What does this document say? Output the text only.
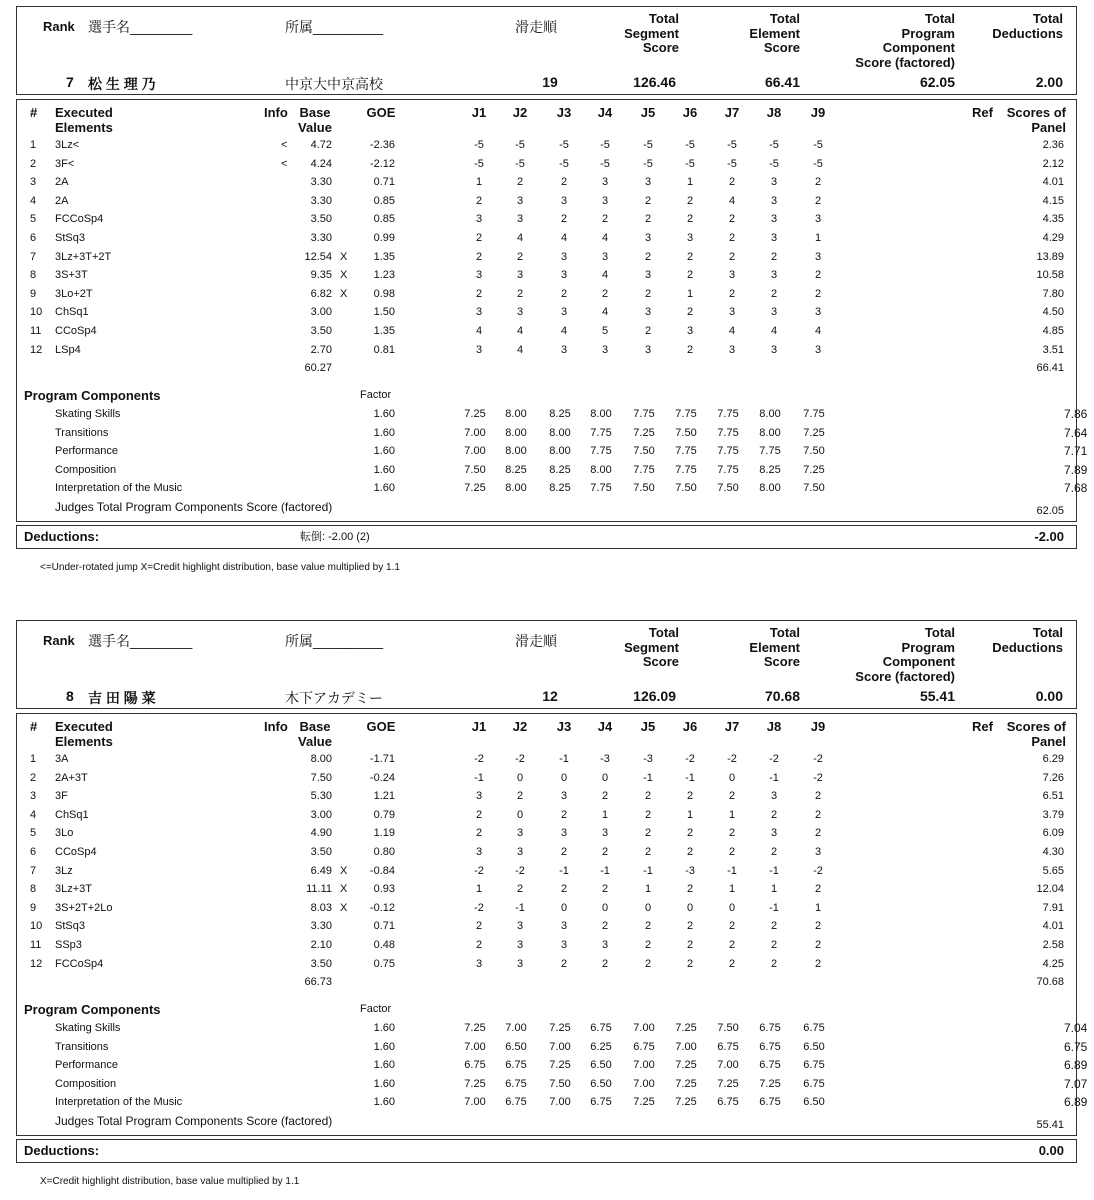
Rank 選手名________	所属_________	滑走順
Total
Segment
Score
Total
Element
Score
Total
Program
Component
Score (factored)
Total
Deductions
7 松 生 理 乃	中京大中京高校	19	126.46	66.41	62.05	2.00
# Executed
Elements
Info Base
Value
GOE	J1	J2	J3	J4	J5	J6	J7	J8	J9	Ref	Scores of
Panel
1 3Lz<	<	4.72	-2.36	-5	-5	-5	-5	-5	-5	-5	-5	-5	2.36
2 3F<	<	4.24	-2.12	-5	-5	-5	-5	-5	-5	-5	-5	-5	2.12
3 2A	3.30	0.71	1	2	2	3	3	1	2	3	2	4.01
4 2A	3.30	0.85	2	3	3	3	2	2	4	3	2	4.15
5 FCCoSp4	3.50	0.85	3	3	2	2	2	2	2	3	3	4.35
6 StSq3	3.30	0.99	2	4	4	4	3	3	2	3	1	4.29
7 3Lz+3T+2T	12.54 X	1.35	2	2	3	3	2	2	2	2	3	13.89
8 3S+3T	9.35 X	1.23	3	3	3	4	3	2	3	3	2	10.58
9 3Lo+2T	6.82 X	0.98	2	2	2	2	2	1	2	2	2	7.80
10 ChSq1	3.00	1.50	3	3	3	4	3	2	3	3	3	4.50
11 CCoSp4	3.50	1.35	4	4	4	5	2	3	4	4	4	4.85
12 LSp4	2.70	0.81	3	4	3	3	3	2	3	3	3	3.51
60.27	66.41
Program Components	Factor
Skating Skills	1.60	7.25	8.00	8.25	8.00	7.75	7.75	7.75	8.00	7.75	7.86
Transitions	1.60	7.00	8.00	8.00	7.75	7.25	7.50	7.75	8.00	7.25	7.64
Performance	1.60	7.00	8.00	8.00	7.75	7.50	7.75	7.75	7.75	7.50	7.71
Composition	1.60	7.50	8.25	8.25	8.00	7.75	7.75	7.75	8.25	7.25	7.89
Interpretation of the Music	1.60	7.25	8.00	8.25	7.75	7.50	7.50	7.50	8.00	7.50	7.68
Judges Total Program Components Score (factored)	62.05
Deductions:	転倒: -2.00 (2)	-2.00
<=Under-rotated jump X=Credit highlight distribution, base value multiplied by 1.1
Rank 選手名________	所属_________	滑走順
Total
Segment
Score
Total
Element
Score
Total
Program
Component
Score (factored)
Total
Deductions
8 吉 田 陽 菜	木下アカデミー	12	126.09	70.68	55.41	0.00
# Executed
Elements
Info Base
Value
GOE	J1	J2	J3	J4	J5	J6	J7	J8	J9	Ref	Scores of
Panel
1 3A	8.00	-1.71	-2	-2	-1	-3	-3	-2	-2	-2	-2	6.29
2 2A+3T	7.50	-0.24	-1	0	0	0	-1	-1	0	-1	-2	7.26
3 3F	5.30	1.21	3	2	3	2	2	2	2	3	2	6.51
4 ChSq1	3.00	0.79	2	0	2	1	2	1	1	2	2	3.79
5 3Lo	4.90	1.19	2	3	3	3	2	2	2	3	2	6.09
6 CCoSp4	3.50	0.80	3	3	2	2	2	2	2	2	3	4.30
7 3Lz	6.49 X	-0.84	-2	-2	-1	-1	-1	-3	-1	-1	-2	5.65
8 3Lz+3T	11.11 X	0.93	1	2	2	2	1	2	1	1	2	12.04
9 3S+2T+2Lo	8.03 X	-0.12	-2	-1	0	0	0	0	0	-1	1	7.91
10 StSq3	3.30	0.71	2	3	3	2	2	2	2	2	2	4.01
11 SSp3	2.10	0.48	2	3	3	3	2	2	2	2	2	2.58
12 FCCoSp4	3.50	0.75	3	3	2	2	2	2	2	2	2	4.25
66.73	70.68
Program Components	Factor
Skating Skills	1.60	7.25	7.00	7.25	6.75	7.00	7.25	7.50	6.75	6.75	7.04
Transitions	1.60	7.00	6.50	7.00	6.25	6.75	7.00	6.75	6.75	6.50	6.75
Performance	1.60	6.75	6.75	7.25	6.50	7.00	7.25	7.00	6.75	6.75	6.89
Composition	1.60	7.25	6.75	7.50	6.50	7.00	7.25	7.25	7.25	6.75	7.07
Interpretation of the Music	1.60	7.00	6.75	7.00	6.75	7.25	7.25	6.75	6.75	6.50	6.89
Judges Total Program Components Score (factored)	55.41
Deductions:	0.00
X=Credit highlight distribution, base value multiplied by 1.1
